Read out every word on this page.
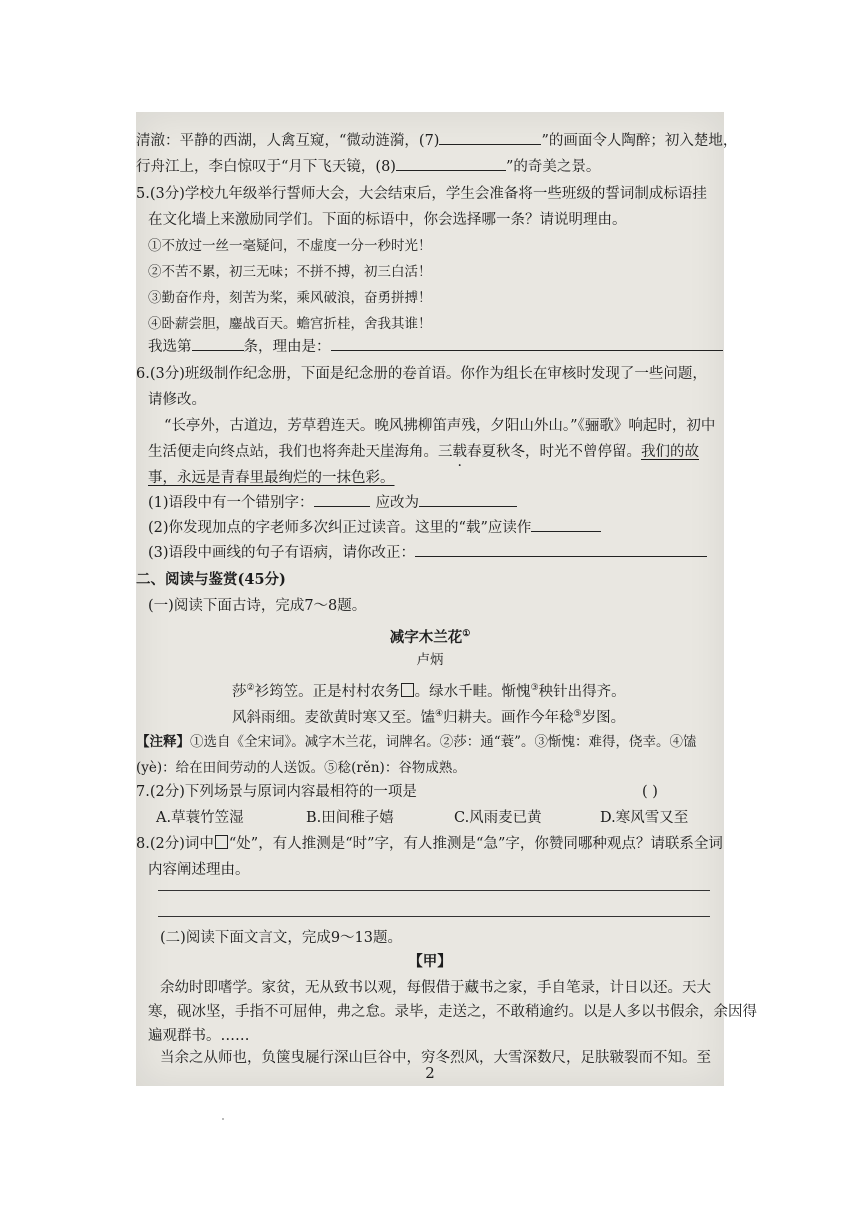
清澈：平静的西湖，人禽互窥，“微动涟漪，(7)	”的画面令人陶醉；初入楚地，
行舟江上，李白惊叹于“月下飞天镜，(8)	”的奇美之景。
5.(3分)学校九年级举行誓师大会，大会结束后，学生会准备将一些班级的誓词制成标语挂
在文化墙上来激励同学们。下面的标语中，你会选择哪一条？请说明理由。
①不放过一丝一毫疑问，不虚度一分一秒时光！
②不苦不累，初三无味；不拼不搏，初三白活！
③勤奋作舟，刻苦为桨，乘风破浪，奋勇拼搏！
④卧薪尝胆，鏖战百天。蟾宫折桂，舍我其谁！
我选第	条，理由是：
6.(3分)班级制作纪念册，下面是纪念册的卷首语。你作为组长在审核时发现了一些问题，
请修改。
“长亭外，古道边，芳草碧连天。晚风拂柳笛声残，夕阳山外山。”《骊歌》响起时，初中
生活便走向终点站，我们也将奔赴天崖海角。三载春夏秋冬，时光不曾停留。我们的故
事，永远是青春里最绚烂的一抹色彩。
(1)语段中有一个错别字：	应改为
(2)你发现加点的字老师多次纠正过读音。这里的“载”应读作
(3)语段中画线的句子有语病，请你改正：
二、阅读与鉴赏(45分)
(一)阅读下面古诗，完成7～8题。
减字木兰花①
卢炳
莎②衫筠笠。正是村村农务 。绿水千畦。惭愧③秧针出得齐。
风斜雨细。麦欲黄时寒又至。馌④归耕夫。画作今年稔⑤岁图。
【注释】①选自《全宋词》。减字木兰花，词牌名。②莎：通“蓑”。③惭愧：难得，侥幸。④馌
(yè)：给在田间劳动的人送饭。⑤稔(rěn)：谷物成熟。
7.(2分)下列场景与原词内容最相符的一项是	( )
A.草蓑竹笠湿	B.田间稚子嬉	C.风雨麦已黄	D.寒风雪又至
8.(2分)词中 “处”，有人推测是“时”字，有人推测是“急”字，你赞同哪种观点？请联系全词
内容阐述理由。
(二)阅读下面文言文，完成9～13题。
【甲】
余幼时即嗜学。家贫，无从致书以观，每假借于藏书之家，手自笔录，计日以还。天大
寒，砚冰坚，手指不可屈伸，弗之怠。录毕，走送之，不敢稍逾约。以是人多以书假余，余因得
遍观群书。……
当余之从师也，负箧曳屣行深山巨谷中，穷冬烈风，大雪深数尺，足肤皲裂而不知。至
2
